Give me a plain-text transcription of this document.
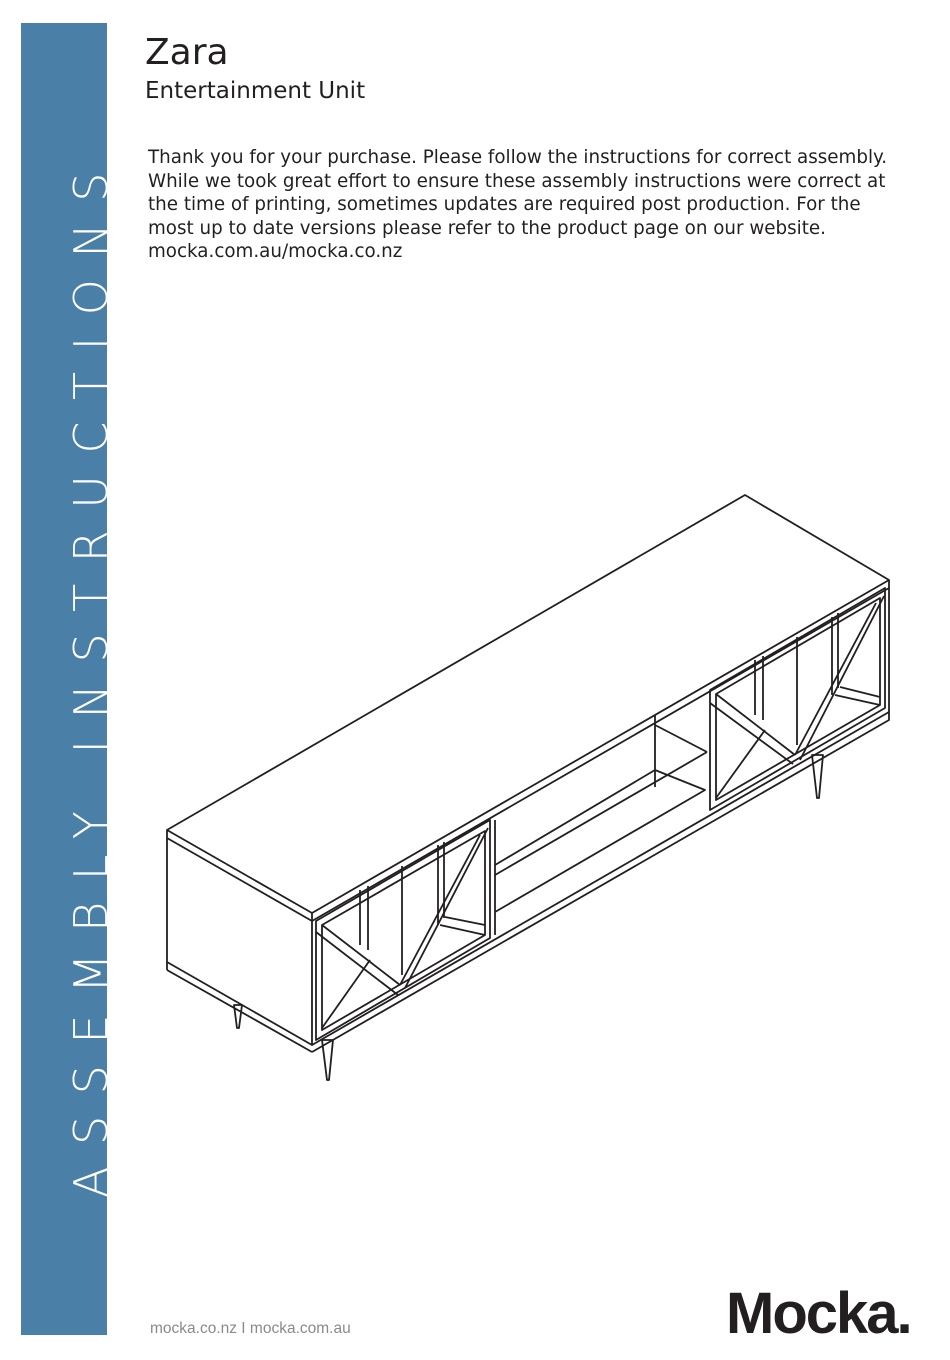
ASSEMBLY INSTRUCTIONS
Zara
Entertainment Unit
Thank you for your purchase. Please follow the instructions for correct assembly. While we took great effort to ensure these assembly instructions were correct at the time of printing, sometimes updates are required post production. For the most up to date versions please refer to the product page on our website. mocka.com.au/mocka.co.nz
mocka.co.nz I mocka.com.au	Mocka.
